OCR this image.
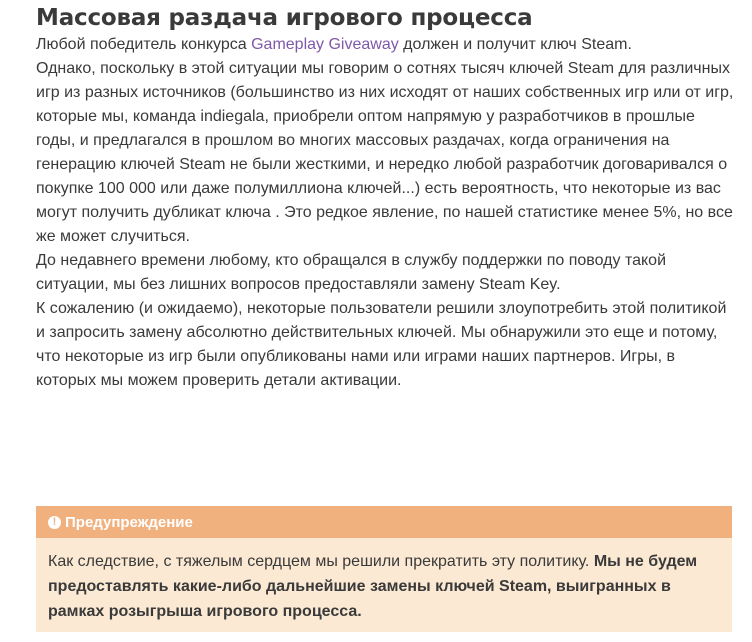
Массовая раздача игрового процесса

Любой победитель конкурса Gameplay Giveaway должен и получит ключ Steam.

Однако, поскольку в этой ситуации мы говорим о сотнях тысяч ключей Steam для различных игр из разных источников (большинство из них исходят от наших собственных игр или от игр, которые мы, команда indiegala, приобрели оптом напрямую у разработчиков в прошлые годы, и предлагался в прошлом во многих массовых раздачах, когда ограничения на генерацию ключей Steam не были жесткими, и нередко любой разработчик договаривался о покупке 100 000 или даже полумиллиона ключей...) есть вероятность, что некоторые из вас могут получить дубликат ключа . Это редкое явление, по нашей статистике менее 5%, но все же может случиться.

До недавнего времени любому, кто обращался в службу поддержки по поводу такой ситуации, мы без лишних вопросов предоставляли замену Steam Key.

К сожалению (и ожидаемо), некоторые пользователи решили злоупотребить этой политикой и запросить замену абсолютно действительных ключей. Мы обнаружили это еще и потому, что некоторые из игр были опубликованы нами или играми наших партнеров. Игры, в которых мы можем проверить детали активации.

! Предупреждение
Как следствие, с тяжелым сердцем мы решили прекратить эту политику. Мы не будем предоставлять какие-либо дальнейшие замены ключей Steam, выигранных в рамках розыгрыша игрового процесса.
